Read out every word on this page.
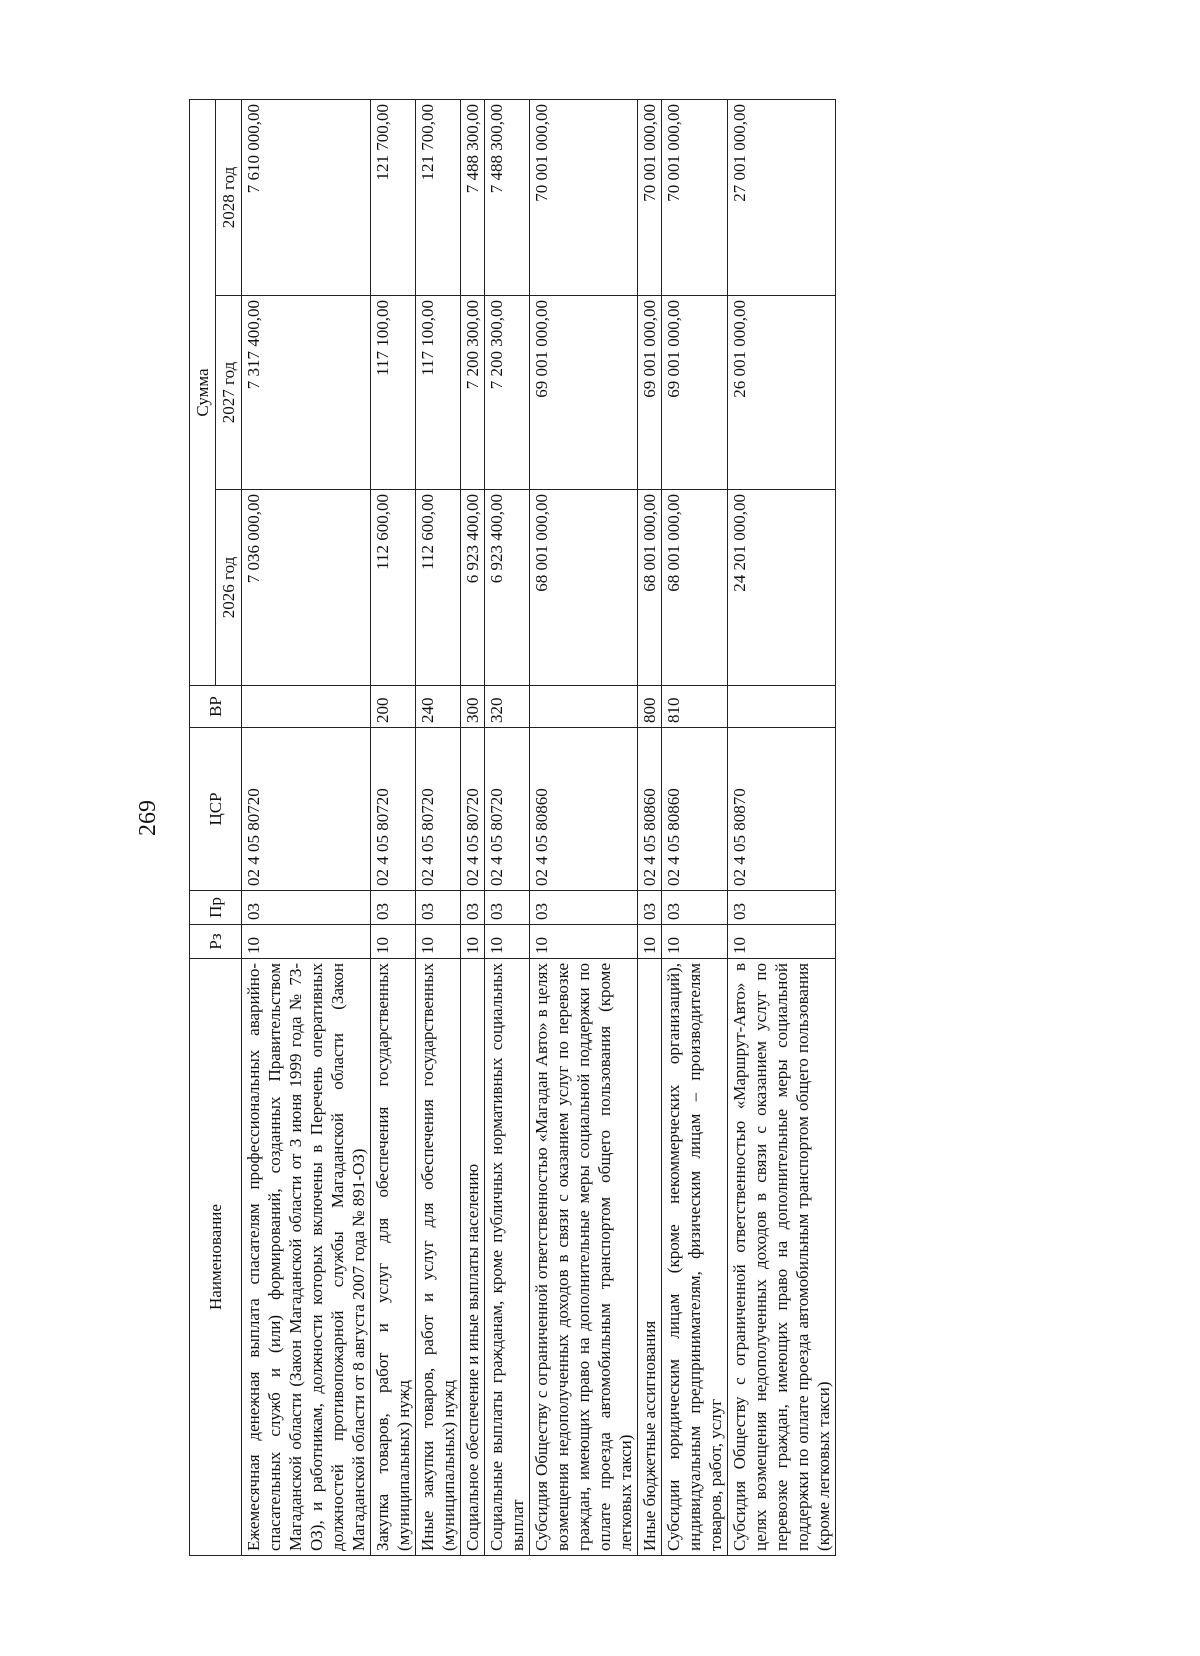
269
Наименование	Рз	Пр	ЦСР	ВР	Сумма		
					2026 год	2027 год	2028 год
Ежемесячная денежная выплата спасателям профессиональных аварийно-спасательных служб и (или) формирований, созданных Правительством Магаданской области (Закон Магаданской области от 3 июня 1999 года № 73-ОЗ), и работникам, должности которых включены в Перечень оперативных должностей противопожарной службы Магаданской области (Закон Магаданской области от 8 августа 2007 года № 891-ОЗ)	10	03	02 4 05 80720		7 036 000,00	7 317 400,00	7 610 000,00
Закупка товаров, работ и услуг для обеспечения государственных (муниципальных) нужд	10	03	02 4 05 80720	200	112 600,00	117 100,00	121 700,00
Иные закупки товаров, работ и услуг для обеспечения государственных (муниципальных) нужд	10	03	02 4 05 80720	240	112 600,00	117 100,00	121 700,00
Социальное обеспечение и иные выплаты населению	10	03	02 4 05 80720	300	6 923 400,00	7 200 300,00	7 488 300,00
Социальные выплаты гражданам, кроме публичных нормативных социальных выплат	10	03	02 4 05 80720	320	6 923 400,00	7 200 300,00	7 488 300,00
Субсидия Обществу с ограниченной ответственностью «Магадан Авто» в целях возмещения недополученных доходов в связи с оказанием услуг по перевозке граждан, имеющих право на дополнительные меры социальной поддержки по оплате проезда автомобильным транспортом общего пользования (кроме легковых такси)	10	03	02 4 05 80860		68 001 000,00	69 001 000,00	70 001 000,00
Иные бюджетные ассигнования	10	03	02 4 05 80860	800	68 001 000,00	69 001 000,00	70 001 000,00
Субсидии юридическим лицам (кроме некоммерческих организаций), индивидуальным предпринимателям, физическим лицам – производителям товаров, работ, услуг	10	03	02 4 05 80860	810	68 001 000,00	69 001 000,00	70 001 000,00
Субсидия Обществу с ограниченной ответственностью «Маршрут-Авто» в целях возмещения недополученных доходов в связи с оказанием услуг по перевозке граждан, имеющих право на дополнительные меры социальной поддержки по оплате проезда автомобильным транспортом общего пользования (кроме легковых такси)	10	03	02 4 05 80870		24 201 000,00	26 001 000,00	27 001 000,00
